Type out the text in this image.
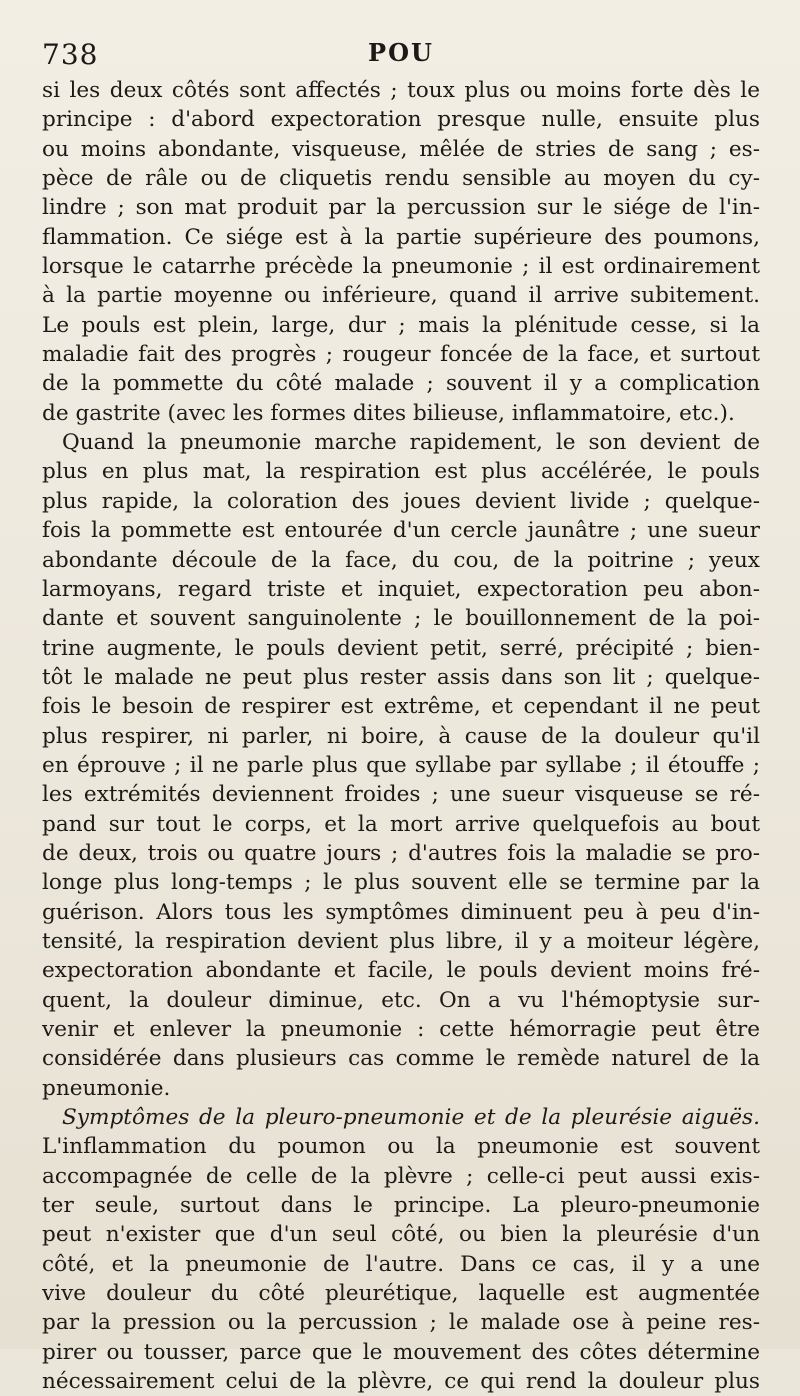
738	POU
si les deux côtés sont affectés ; toux plus ou moins forte dès le
principe : d'abord expectoration presque nulle, ensuite plus
ou moins abondante, visqueuse, mêlée de stries de sang ; es-
pèce de râle ou de cliquetis rendu sensible au moyen du cy-
lindre ; son mat produit par la percussion sur le siége de l'in-
flammation. Ce siége est à la partie supérieure des poumons,
lorsque le catarrhe précède la pneumonie ; il est ordinairement
à la partie moyenne ou inférieure, quand il arrive subitement.
Le pouls est plein, large, dur ; mais la plénitude cesse, si la
maladie fait des progrès ; rougeur foncée de la face, et surtout
de la pommette du côté malade ; souvent il y a complication
de gastrite (avec les formes dites bilieuse, inflammatoire, etc.).
Quand la pneumonie marche rapidement, le son devient de
plus en plus mat, la respiration est plus accélérée, le pouls
plus rapide, la coloration des joues devient livide ; quelque-
fois la pommette est entourée d'un cercle jaunâtre ; une sueur
abondante découle de la face, du cou, de la poitrine ; yeux
larmoyans, regard triste et inquiet, expectoration peu abon-
dante et souvent sanguinolente ; le bouillonnement de la poi-
trine augmente, le pouls devient petit, serré, précipité ; bien-
tôt le malade ne peut plus rester assis dans son lit ; quelque-
fois le besoin de respirer est extrême, et cependant il ne peut
plus respirer, ni parler, ni boire, à cause de la douleur qu'il
en éprouve ; il ne parle plus que syllabe par syllabe ; il étouffe ;
les extrémités deviennent froides ; une sueur visqueuse se ré-
pand sur tout le corps, et la mort arrive quelquefois au bout
de deux, trois ou quatre jours ; d'autres fois la maladie se pro-
longe plus long-temps ; le plus souvent elle se termine par la
guérison. Alors tous les symptômes diminuent peu à peu d'in-
tensité, la respiration devient plus libre, il y a moiteur légère,
expectoration abondante et facile, le pouls devient moins fré-
quent, la douleur diminue, etc. On a vu l'hémoptysie sur-
venir et enlever la pneumonie : cette hémorragie peut être
considérée dans plusieurs cas comme le remède naturel de la
pneumonie.
Symptômes de la pleuro-pneumonie et de la pleurésie aiguës.
L'inflammation du poumon ou la pneumonie est souvent
accompagnée de celle de la plèvre ; celle-ci peut aussi exis-
ter seule, surtout dans le principe. La pleuro-pneumonie
peut n'exister que d'un seul côté, ou bien la pleurésie d'un
côté, et la pneumonie de l'autre. Dans ce cas, il y a une
vive douleur du côté pleurétique, laquelle est augmentée
par la pression ou la percussion ; le malade ose à peine res-
pirer ou tousser, parce que le mouvement des côtes détermine
nécessairement celui de la plèvre, ce qui rend la douleur plus
